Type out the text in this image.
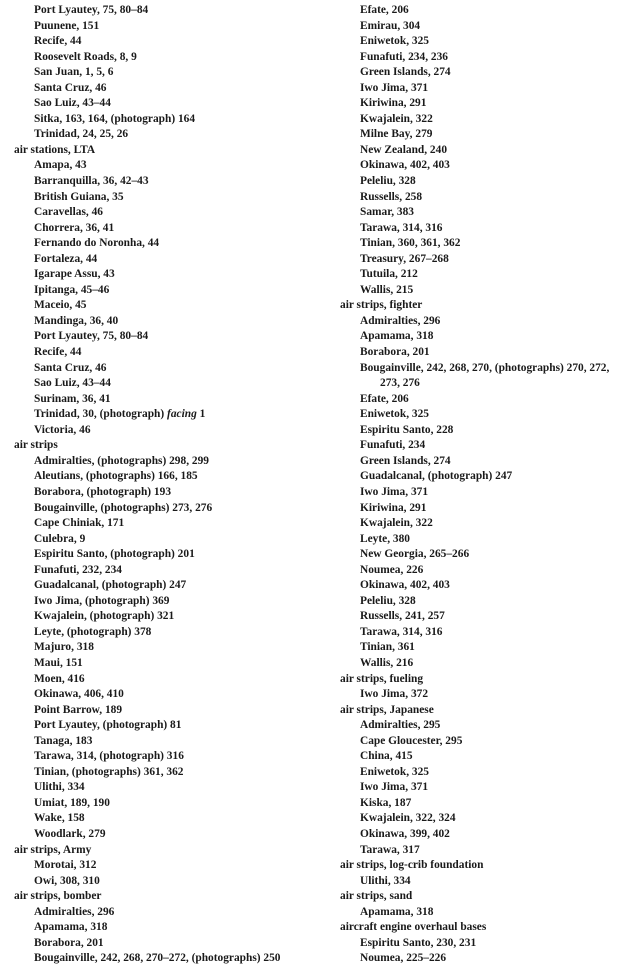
Port Lyautey, 75, 80–84
Puunene, 151
Recife, 44
Roosevelt Roads, 8, 9
San Juan, 1, 5, 6
Santa Cruz, 46
Sao Luiz, 43–44
Sitka, 163, 164, (photograph) 164
Trinidad, 24, 25, 26
air stations, LTA
Amapa, 43
Barranquilla, 36, 42–43
British Guiana, 35
Caravellas, 46
Chorrera, 36, 41
Fernando do Noronha, 44
Fortaleza, 44
Igarape Assu, 43
Ipitanga, 45–46
Maceio, 45
Mandinga, 36, 40
Port Lyautey, 75, 80–84
Recife, 44
Santa Cruz, 46
Sao Luiz, 43–44
Surinam, 36, 41
Trinidad, 30, (photograph) facing 1
Victoria, 46
air strips
Admiralties, (photographs) 298, 299
Aleutians, (photographs) 166, 185
Borabora, (photograph) 193
Bougainville, (photographs) 273, 276
Cape Chiniak, 171
Culebra, 9
Espiritu Santo, (photograph) 201
Funafuti, 232, 234
Guadalcanal, (photograph) 247
Iwo Jima, (photograph) 369
Kwajalein, (photograph) 321
Leyte, (photograph) 378
Majuro, 318
Maui, 151
Moen, 416
Okinawa, 406, 410
Point Barrow, 189
Port Lyautey, (photograph) 81
Tanaga, 183
Tarawa, 314, (photograph) 316
Tinian, (photographs) 361, 362
Ulithi, 334
Umiat, 189, 190
Wake, 158
Woodlark, 279
air strips, Army
Morotai, 312
Owi, 308, 310
air strips, bomber
Admiralties, 296
Apamama, 318
Borabora, 201
Bougainville, 242, 268, 270–272, (photographs) 250
Efate, 206
Emirau, 304
Eniwetok, 325
Funafuti, 234, 236
Green Islands, 274
Iwo Jima, 371
Kiriwina, 291
Kwajalein, 322
Milne Bay, 279
New Zealand, 240
Okinawa, 402, 403
Peleliu, 328
Russells, 258
Samar, 383
Tarawa, 314, 316
Tinian, 360, 361, 362
Treasury, 267–268
Tutuila, 212
Wallis, 215
air strips, fighter
Admiralties, 296
Apamama, 318
Borabora, 201
Bougainville, 242, 268, 270, (photographs) 270, 272,
273, 276
Efate, 206
Eniwetok, 325
Espiritu Santo, 228
Funafuti, 234
Green Islands, 274
Guadalcanal, (photograph) 247
Iwo Jima, 371
Kiriwina, 291
Kwajalein, 322
Leyte, 380
New Georgia, 265–266
Noumea, 226
Okinawa, 402, 403
Peleliu, 328
Russells, 241, 257
Tarawa, 314, 316
Tinian, 361
Wallis, 216
air strips, fueling
Iwo Jima, 372
air strips, Japanese
Admiralties, 295
Cape Gloucester, 295
China, 415
Eniwetok, 325
Iwo Jima, 371
Kiska, 187
Kwajalein, 322, 324
Okinawa, 399, 402
Tarawa, 317
air strips, log-crib foundation
Ulithi, 334
air strips, sand
Apamama, 318
aircraft engine overhaul bases
Espiritu Santo, 230, 231
Noumea, 225–226
